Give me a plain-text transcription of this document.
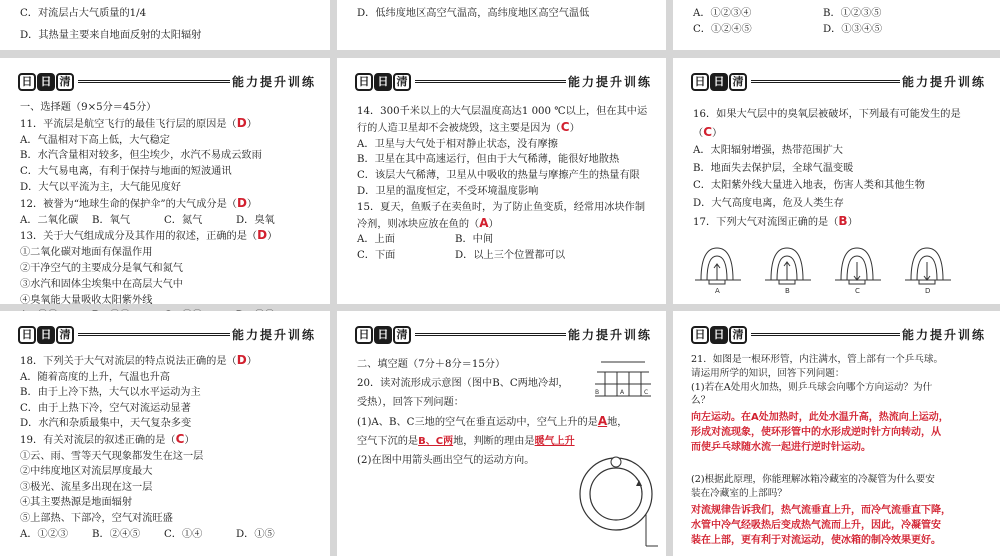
C．对流层占大气质量的1/4

D．其热量主要来自地面反射的太阳辐射

D．低纬度地区高空气温高，高纬度地区高空气温低	A．①②③④	B．①②③⑤
C．①②④⑤	D．①③④⑤
日 日 清	能力提升训练

一、选择题（9×5分＝45分）

11．平流层是航空飞行的最佳飞行层的原因是（D）

A．气温相对下高上低，大气稳定

B．水汽含量相对较多，但尘埃少，水汽不易成云致雨

C．大气易电离，有利于保持与地面的短波通讯

D．大气以平流为主，大气能见度好

12．被誉为“地球生命的保护伞”的大气成分是（D）

A．二氧化碳	B．氧气	C．氮气	D．臭氧

13．关于大气组成成分及其作用的叙述，正确的是（D）

①二氧化碳对地面有保温作用

②干净空气的主要成分是氧气和氮气

③水汽和固体尘埃集中在高层大气中

④臭氧能大量吸收太阳紫外线

日 日 清	能力提升训练

14．300千米以上的大气层温度高达1 000 ℃以上，但在其中运行的人造卫星却不会被烧毁，这主要是因为（C）

A．卫星与大气处于相对静止状态，没有摩擦

B．卫星在其中高速运行，但由于大气稀薄，能很好地散热

C．该层大气稀薄，卫星从中吸收的热量与摩擦产生的热量有限

D．卫星的温度恒定，不受环境温度影响

15．夏天，鱼贩子在卖鱼时，为了防止鱼变质，经常用冰块作制冷剂，则冰块应放在鱼的（A）

A．上面	B．中间
C．下面	D．以上三个位置都可以
日 日 清	能力提升训练

16．如果大气层中的臭氧层被破坏，下列最有可能发生的是（C）

A．太阳辐射增强，热带范围扩大

B．地面失去保护层，全球气温变暖

C．太阳紫外线大量进入地表，伤害人类和其他生物

D．大气高度电离，危及人类生存

17．下列大气对流图正确的是（B）

A	B	C	D
日 日 清	能力提升训练

18．下列关于大气对流层的特点说法正确的是（D）

A．随着高度的上升，气温也升高

B．由于上冷下热，大气以水平运动为主

C．由于上热下冷，空气对流运动显著

D．水汽和杂质最集中，天气复杂多变

19．有关对流层的叙述正确的是（C）

①云、雨、雪等天气现象都发生在这一层

②中纬度地区对流层厚度最大

③极光、流星多出现在这一层

④其主要热源是地面辐射

⑤上部热、下部冷，空气对流旺盛

A．①②③	B．②④⑤	C．①④	D．①⑤
日 日 清	能力提升训练

二、填空题（7分＋8分＝15分）

20．读对流形成示意图（图中B、C两地冷却，

受热），回答下列问题：

(1)A、B、C三地的空气在垂直运动中，空气上升的是A地，

空气下沉的是B、C两地，判断的理由是暖气上升

(2)在图中用箭头画出空气的运动方向。

B	A	C
日 日 清	能力提升训练

21．如图是一根环形管，内注满水，管上部有一个乒乓球。

请运用所学的知识，回答下列问题：

(1)若在A处用火加热，则乒乓球会向哪个方向运动？为什

么？

向左运动。在A处加热时，此处水温升高，热流向上运动，

形成对流现象，使环形管中的水形成逆时针方向转动，从

而使乒乓球随水流一起进行逆时针运动。

(2)根据此原理，你能理解冰箱冷藏室的冷凝管为什么要安

装在冷藏室的上部吗？

对流规律告诉我们，热气流垂直上升，而冷气流垂直下降，

水管中冷气经吸热后变成热气流而上升，因此，冷凝管安

装在上部，更有利于对流运动，使冰箱的制冷效果更好。
